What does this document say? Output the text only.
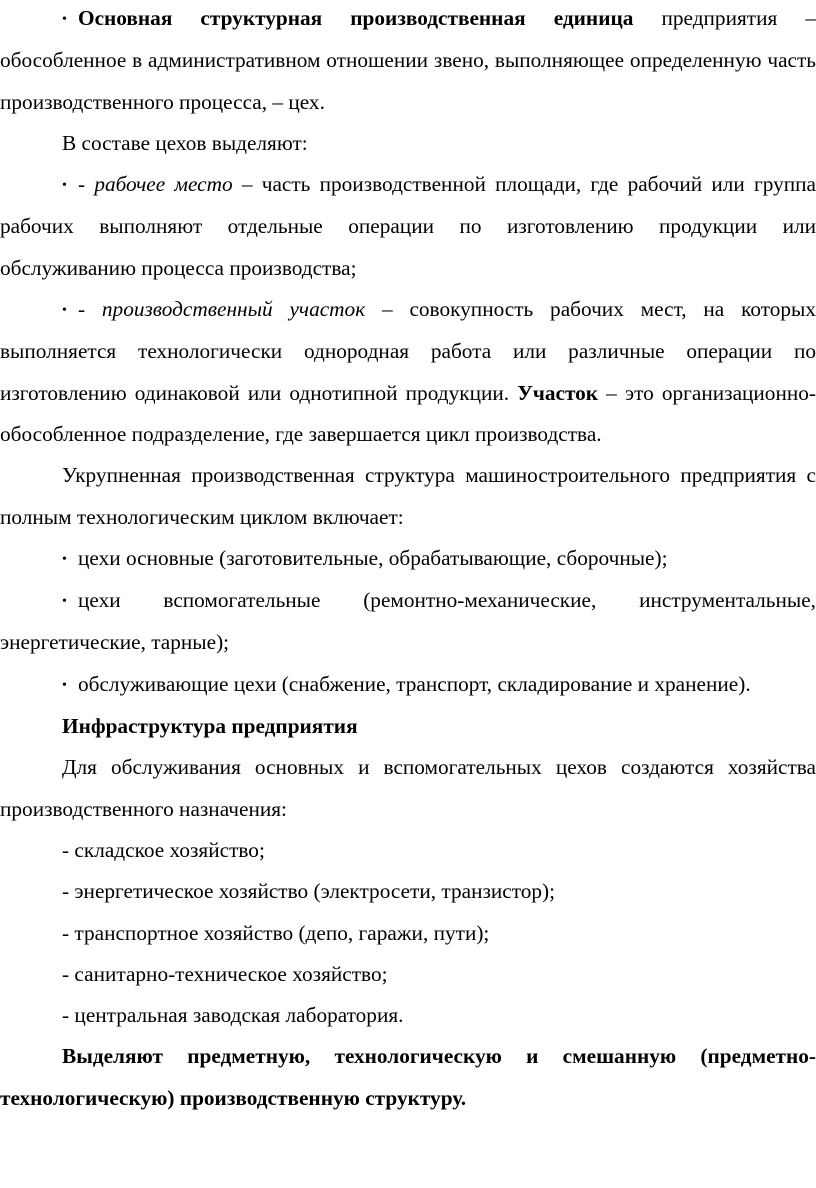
• Основная структурная производственная единица предприятия – обособленное в административном отношении звено, выполняющее определенную часть производственного процесса, – цех.

В составе цехов выделяют:

• - рабочее место – часть производственной площади, где рабочий или группа рабочих выполняют отдельные операции по изготовлению продукции или обслуживанию процесса производства;

• - производственный участок – совокупность рабочих мест, на которых выполняется технологически однородная работа или различные операции по изготовлению одинаковой или однотипной продукции. Участок – это организационно-обособленное подразделение, где завершается цикл производства.

Укрупненная производственная структура машиностроительного предприятия с полным технологическим циклом включает:

• цехи основные (заготовительные, обрабатывающие, сборочные);

• цехи вспомогательные (ремонтно-механические, инструментальные, энергетические, тарные);

• обслуживающие цехи (снабжение, транспорт, складирование и хранение).

Инфраструктура предприятия

Для обслуживания основных и вспомогательных цехов создаются хозяйства производственного назначения:

- складское хозяйство;

- энергетическое хозяйство (электросети, транзистор);

- транспортное хозяйство (депо, гаражи, пути);

- санитарно-техническое хозяйство;

- центральная заводская лаборатория.

Выделяют предметную, технологическую и смешанную (предметно-технологическую) производственную структуру.
